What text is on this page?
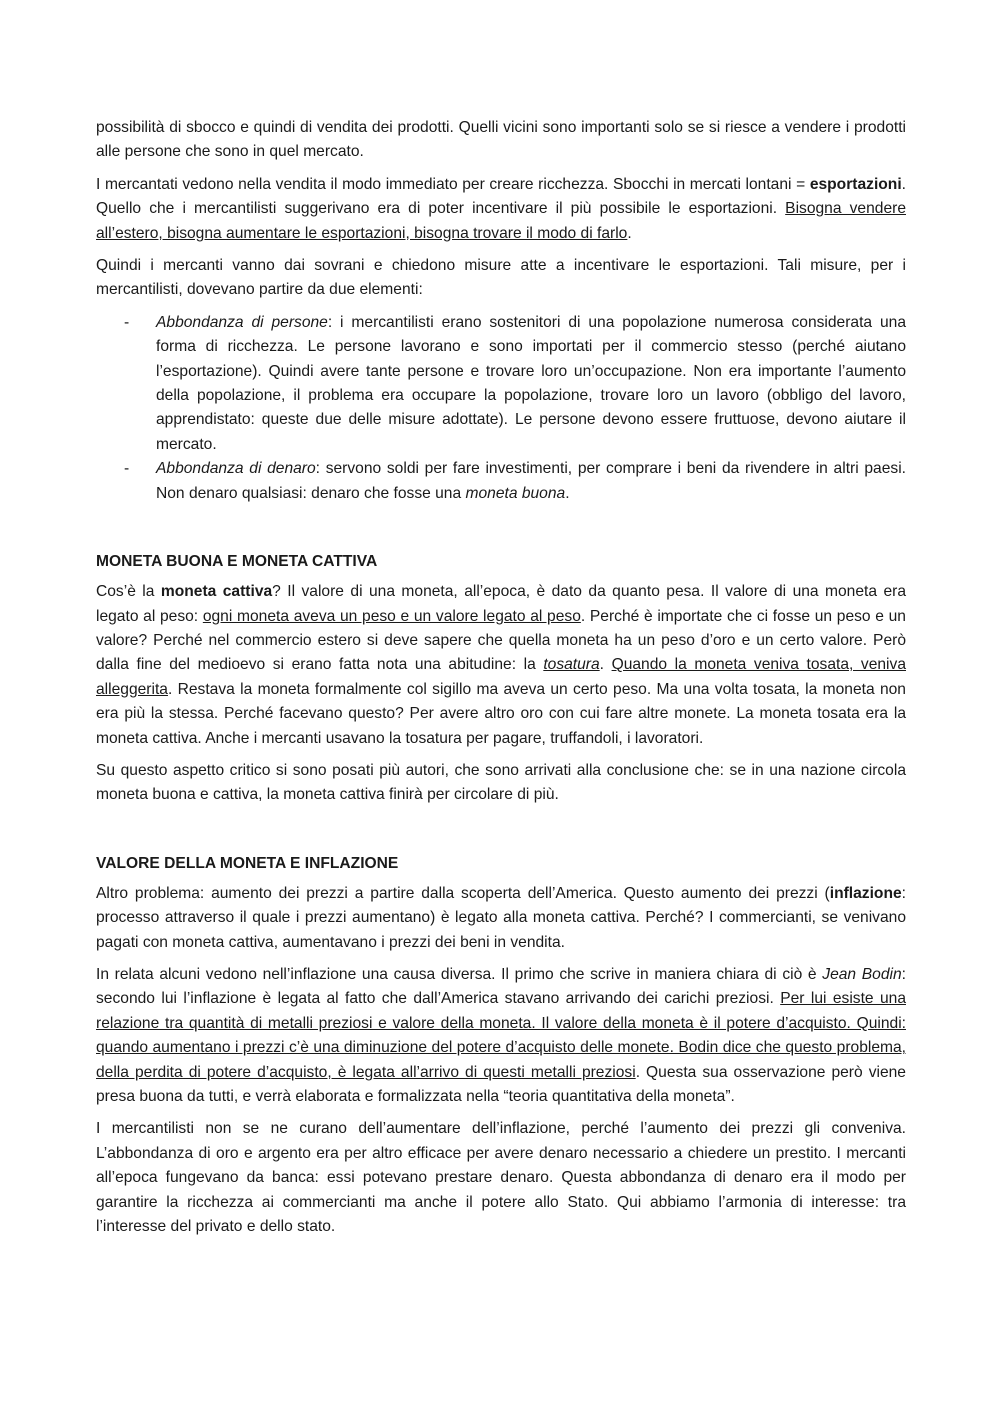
possibilità di sbocco e quindi di vendita dei prodotti. Quelli vicini sono importanti solo se si riesce a vendere i prodotti alle persone che sono in quel mercato.

I mercantati vedono nella vendita il modo immediato per creare ricchezza. Sbocchi in mercati lontani = esportazioni. Quello che i mercantilisti suggerivano era di poter incentivare il più possibile le esportazioni. Bisogna vendere all’estero, bisogna aumentare le esportazioni, bisogna trovare il modo di farlo.

Quindi i mercanti vanno dai sovrani e chiedono misure atte a incentivare le esportazioni. Tali misure, per i mercantilisti, dovevano partire da due elementi:

- Abbondanza di persone: i mercantilisti erano sostenitori di una popolazione numerosa considerata una forma di ricchezza. Le persone lavorano e sono importati per il commercio stesso (perché aiutano l’esportazione). Quindi avere tante persone e trovare loro un’occupazione. Non era importante l’aumento della popolazione, il problema era occupare la popolazione, trovare loro un lavoro (obbligo del lavoro, apprendistato: queste due delle misure adottate). Le persone devono essere fruttuose, devono aiutare il mercato.
- Abbondanza di denaro: servono soldi per fare investimenti, per comprare i beni da rivendere in altri paesi. Non denaro qualsiasi: denaro che fosse una moneta buona.
MONETA BUONA E MONETA CATTIVA

Cos’è la moneta cattiva? Il valore di una moneta, all’epoca, è dato da quanto pesa. Il valore di una moneta era legato al peso: ogni moneta aveva un peso e un valore legato al peso. Perché è importate che ci fosse un peso e un valore? Perché nel commercio estero si deve sapere che quella moneta ha un peso d’oro e un certo valore. Però dalla fine del medioevo si erano fatta nota una abitudine: la tosatura. Quando la moneta veniva tosata, veniva alleggerita. Restava la moneta formalmente col sigillo ma aveva un certo peso. Ma una volta tosata, la moneta non era più la stessa. Perché facevano questo? Per avere altro oro con cui fare altre monete. La moneta tosata era la moneta cattiva. Anche i mercanti usavano la tosatura per pagare, truffandoli, i lavoratori.

Su questo aspetto critico si sono posati più autori, che sono arrivati alla conclusione che: se in una nazione circola moneta buona e cattiva, la moneta cattiva finirà per circolare di più.

VALORE DELLA MONETA E INFLAZIONE

Altro problema: aumento dei prezzi a partire dalla scoperta dell’America. Questo aumento dei prezzi (inflazione: processo attraverso il quale i prezzi aumentano) è legato alla moneta cattiva. Perché? I commercianti, se venivano pagati con moneta cattiva, aumentavano i prezzi dei beni in vendita.

In relata alcuni vedono nell’inflazione una causa diversa. Il primo che scrive in maniera chiara di ciò è Jean Bodin: secondo lui l’inflazione è legata al fatto che dall’America stavano arrivando dei carichi preziosi. Per lui esiste una relazione tra quantità di metalli preziosi e valore della moneta. Il valore della moneta è il potere d’acquisto. Quindi: quando aumentano i prezzi c’è una diminuzione del potere d’acquisto delle monete. Bodin dice che questo problema, della perdita di potere d’acquisto, è legata all’arrivo di questi metalli preziosi. Questa sua osservazione però viene presa buona da tutti, e verrà elaborata e formalizzata nella “teoria quantitativa della moneta”.

I mercantilisti non se ne curano dell’aumentare dell’inflazione, perché l’aumento dei prezzi gli conveniva. L’abbondanza di oro e argento era per altro efficace per avere denaro necessario a chiedere un prestito. I mercanti all’epoca fungevano da banca: essi potevano prestare denaro. Questa abbondanza di denaro era il modo per garantire la ricchezza ai commercianti ma anche il potere allo Stato. Qui abbiamo l’armonia di interesse: tra l’interesse del privato e dello stato.
